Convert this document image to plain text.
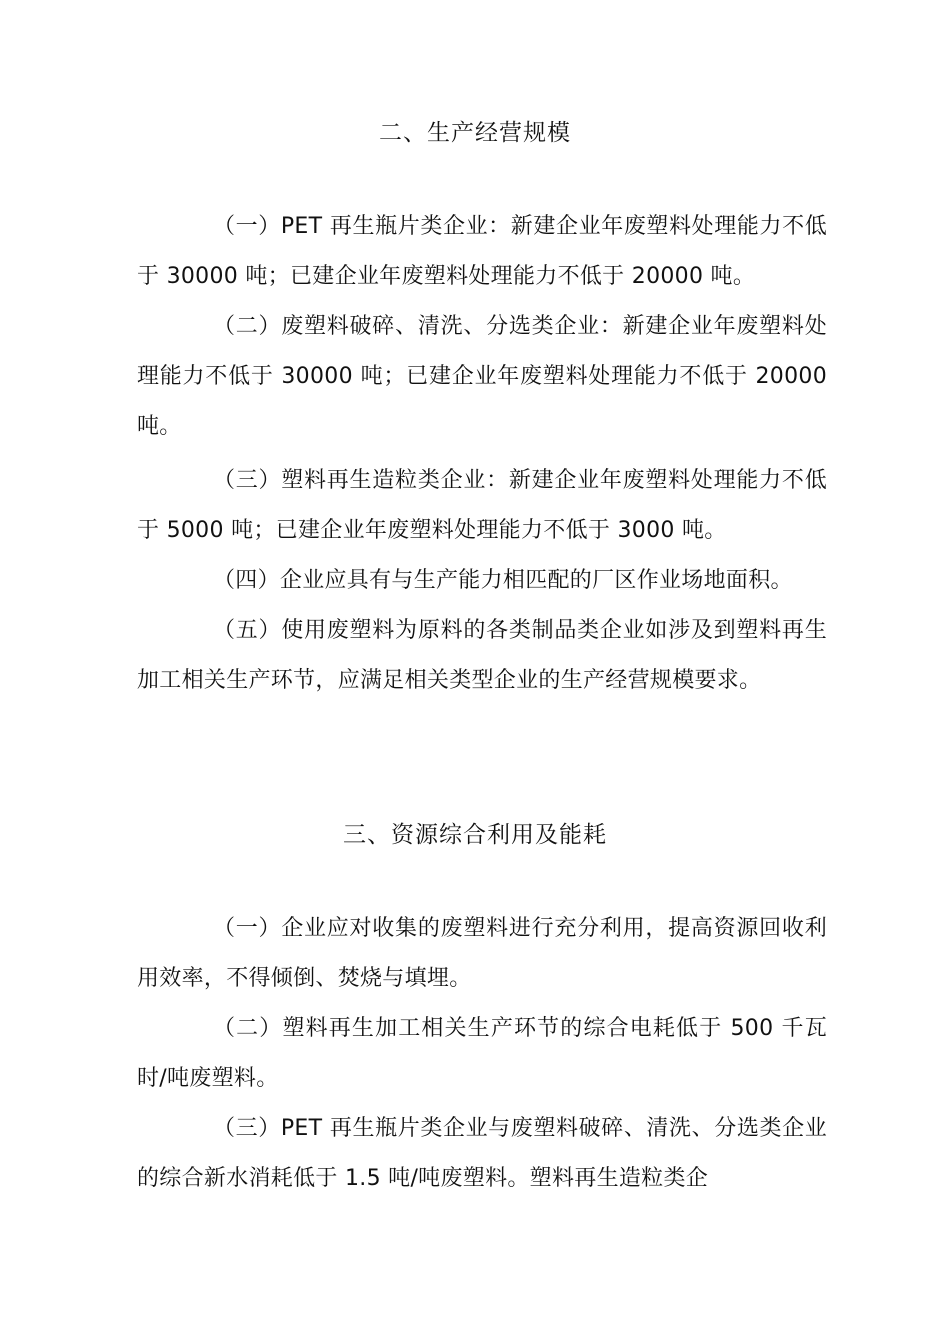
二、生产经营规模

（一）PET 再生瓶片类企业：新建企业年废塑料处理能力不低于 30000 吨；已建企业年废塑料处理能力不低于 20000 吨。

（二）废塑料破碎、清洗、分选类企业：新建企业年废塑料处理能力不低于 30000 吨；已建企业年废塑料处理能力不低于 20000 吨。

（三）塑料再生造粒类企业：新建企业年废塑料处理能力不低于 5000 吨；已建企业年废塑料处理能力不低于 3000 吨。

（四）企业应具有与生产能力相匹配的厂区作业场地面积。

（五）使用废塑料为原料的各类制品类企业如涉及到塑料再生加工相关生产环节，应满足相关类型企业的生产经营规模要求。

三、资源综合利用及能耗

（一）企业应对收集的废塑料进行充分利用，提高资源回收利用效率，不得倾倒、焚烧与填埋。

（二）塑料再生加工相关生产环节的综合电耗低于 500 千瓦时/吨废塑料。

（三）PET 再生瓶片类企业与废塑料破碎、清洗、分选类企业的综合新水消耗低于 1.5 吨/吨废塑料。塑料再生造粒类企
